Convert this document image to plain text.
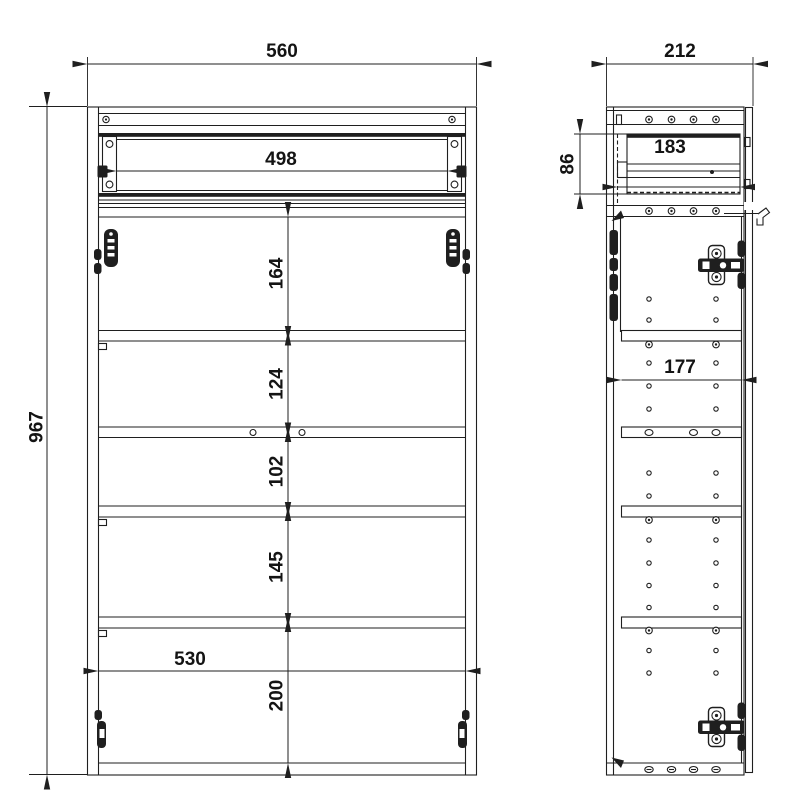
560
967
498
164
124
102
145
200
530
212
86
183
177
